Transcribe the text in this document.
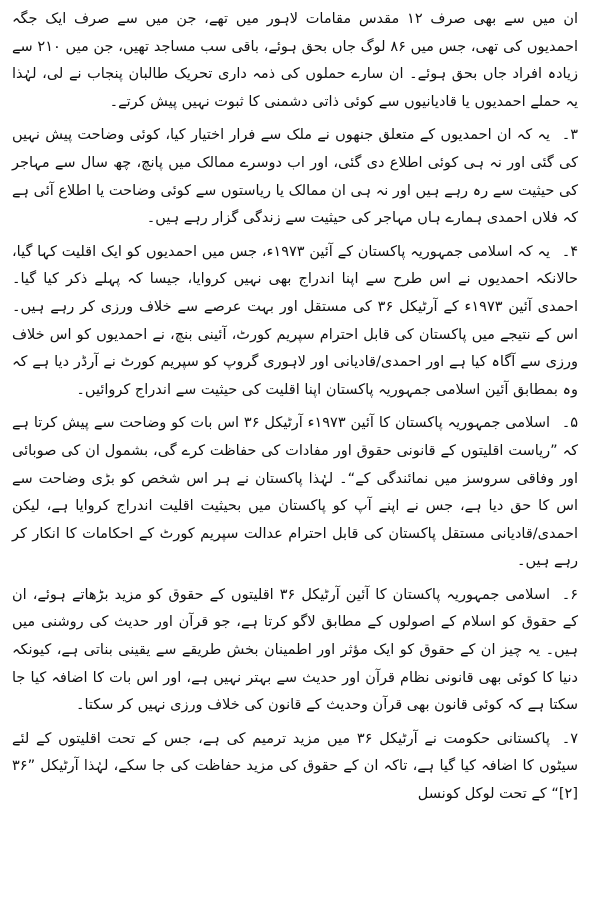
ان میں سے بھی صرف ۱۲ مقدس مقامات لاہور میں تھے، جن میں سے صرف ایک جگہ احمدیوں کی تھی، جس میں ۸۶ لوگ جاں بحق ہوئے، باقی سب مساجد تھیں، جن میں ۲۱۰ سے زیادہ افراد جاں بحق ہوئے۔ ان سارے حملوں کی ذمہ داری تحریک طالبان پنجاب نے لی، لہٰذا یہ حملے احمدیوں یا قادیانیوں سے کوئی ذاتی دشمنی کا ثبوت نہیں پیش کرتے۔

۳۔یہ کہ ان احمدیوں کے متعلق جنھوں نے ملک سے فرار اختیار کیا، کوئی وضاحت پیش نہیں کی گئی اور نہ ہی کوئی اطلاع دی گئی، اور اب دوسرے ممالک میں پانچ، چھ سال سے مہاجر کی حیثیت سے رہ رہے ہیں اور نہ ہی ان ممالک یا ریاستوں سے کوئی وضاحت یا اطلاع آئی ہے کہ فلاں احمدی ہمارے ہاں مہاجر کی حیثیت سے زندگی گزار رہے ہیں۔

۴۔یہ کہ اسلامی جمہوریہ پاکستان کے آئین ۱۹۷۳ء، جس میں احمدیوں کو ایک اقلیت کہا گیا، حالانکہ احمدیوں نے اس طرح سے اپنا اندراج بھی نہیں کروایا، جیسا کہ پہلے ذکر کیا گیا۔ احمدی آئین ۱۹۷۳ء کے آرٹیکل ۳۶ کی مستقل اور بہت عرصے سے خلاف ورزی کر رہے ہیں۔ اس کے نتیجے میں پاکستان کی قابل احترام سپریم کورٹ، آئینی بنچ، نے احمدیوں کو اس خلاف ورزی سے آگاہ کیا ہے اور احمدی/قادیانی اور لاہوری گروپ کو سپریم کورٹ نے آرڈر دیا ہے کہ وہ بمطابق آئین اسلامی جمہوریہ پاکستان اپنا اقلیت کی حیثیت سے اندراج کروائیں۔

۵۔اسلامی جمہوریہ پاکستان کا آئین ۱۹۷۳ء آرٹیکل ۳۶ اس بات کو وضاحت سے پیش کرتا ہے کہ ”ریاست اقلیتوں کے قانونی حقوق اور مفادات کی حفاظت کرے گی، بشمول ان کی صوبائی اور وفاقی سروسز میں نمائندگی کے“۔ لہٰذا پاکستان نے ہر اس شخص کو بڑی وضاحت سے اس کا حق دیا ہے، جس نے اپنے آپ کو پاکستان میں بحیثیت اقلیت اندراج کروایا ہے، لیکن احمدی/قادیانی مستقل پاکستان کی قابل احترام عدالت سپریم کورٹ کے احکامات کا انکار کر رہے ہیں۔

۶۔اسلامی جمہوریہ پاکستان کا آئین آرٹیکل ۳۶ اقلیتوں کے حقوق کو مزید بڑھاتے ہوئے، ان کے حقوق کو اسلام کے اصولوں کے مطابق لاگو کرتا ہے، جو قرآن اور حدیث کی روشنی میں ہیں۔ یہ چیز ان کے حقوق کو ایک مؤثر اور اطمینان بخش طریقے سے یقینی بناتی ہے، کیونکہ دنیا کا کوئی بھی قانونی نظام قرآن اور حدیث سے بہتر نہیں ہے، اور اس بات کا اضافہ کیا جا سکتا ہے کہ کوئی قانون بھی قرآن وحدیث کے قانون کی خلاف ورزی نہیں کر سکتا۔

۷۔پاکستانی حکومت نے آرٹیکل ۳۶ میں مزید ترمیم کی ہے، جس کے تحت اقلیتوں کے لئے سیٹوں کا اضافہ کیا گیا ہے، تاکہ ان کے حقوق کی مزید حفاظت کی جا سکے، لہٰذا آرٹیکل ”۳۶ [۲]“ کے تحت لوکل کونسل
